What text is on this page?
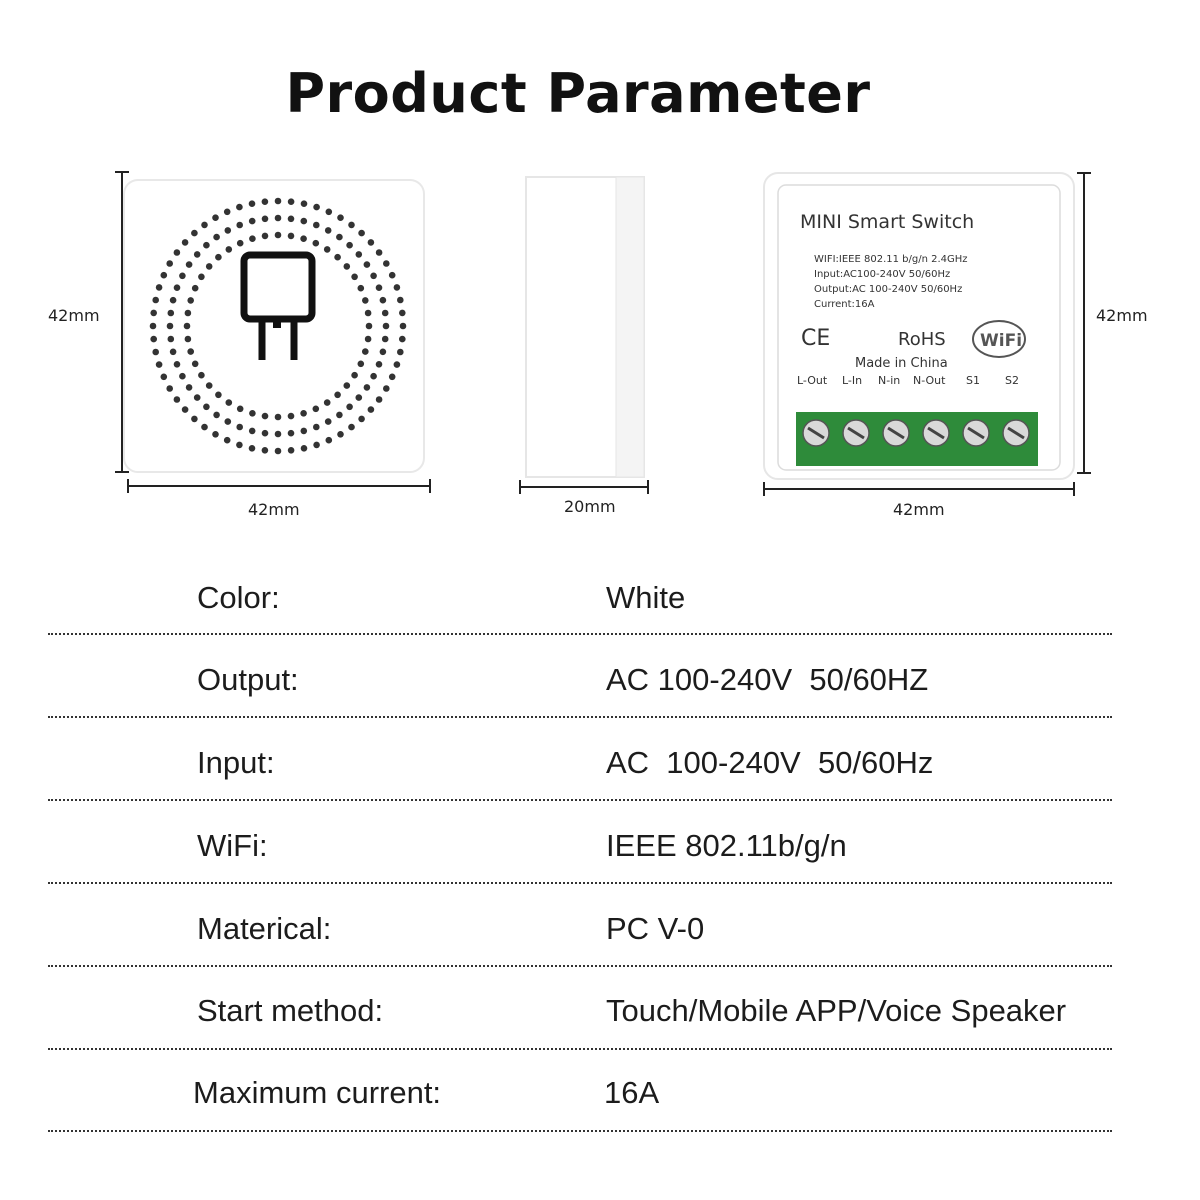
Product Parameter
42mm
42mm	20mm
MINI Smart Switch
WIFI:IEEE 802.11 b/g/n 2.4GHz
Input:AC100-240V 50/60Hz
Output:AC 100-240V 50/60Hz
Current:16A
CE	RoHS WiFi
Made in China
L-Out L-In N-in N-Out S1 S2
42mm
42mm
Color:	White
Output:	AC 100-240V  50/60HZ
Input:	AC  100-240V  50/60Hz
WiFi:	IEEE 802.11b/g/n
Materical:	PC V-0
Start method:	Touch/Mobile APP/Voice Speaker
Maximum current:	16A
